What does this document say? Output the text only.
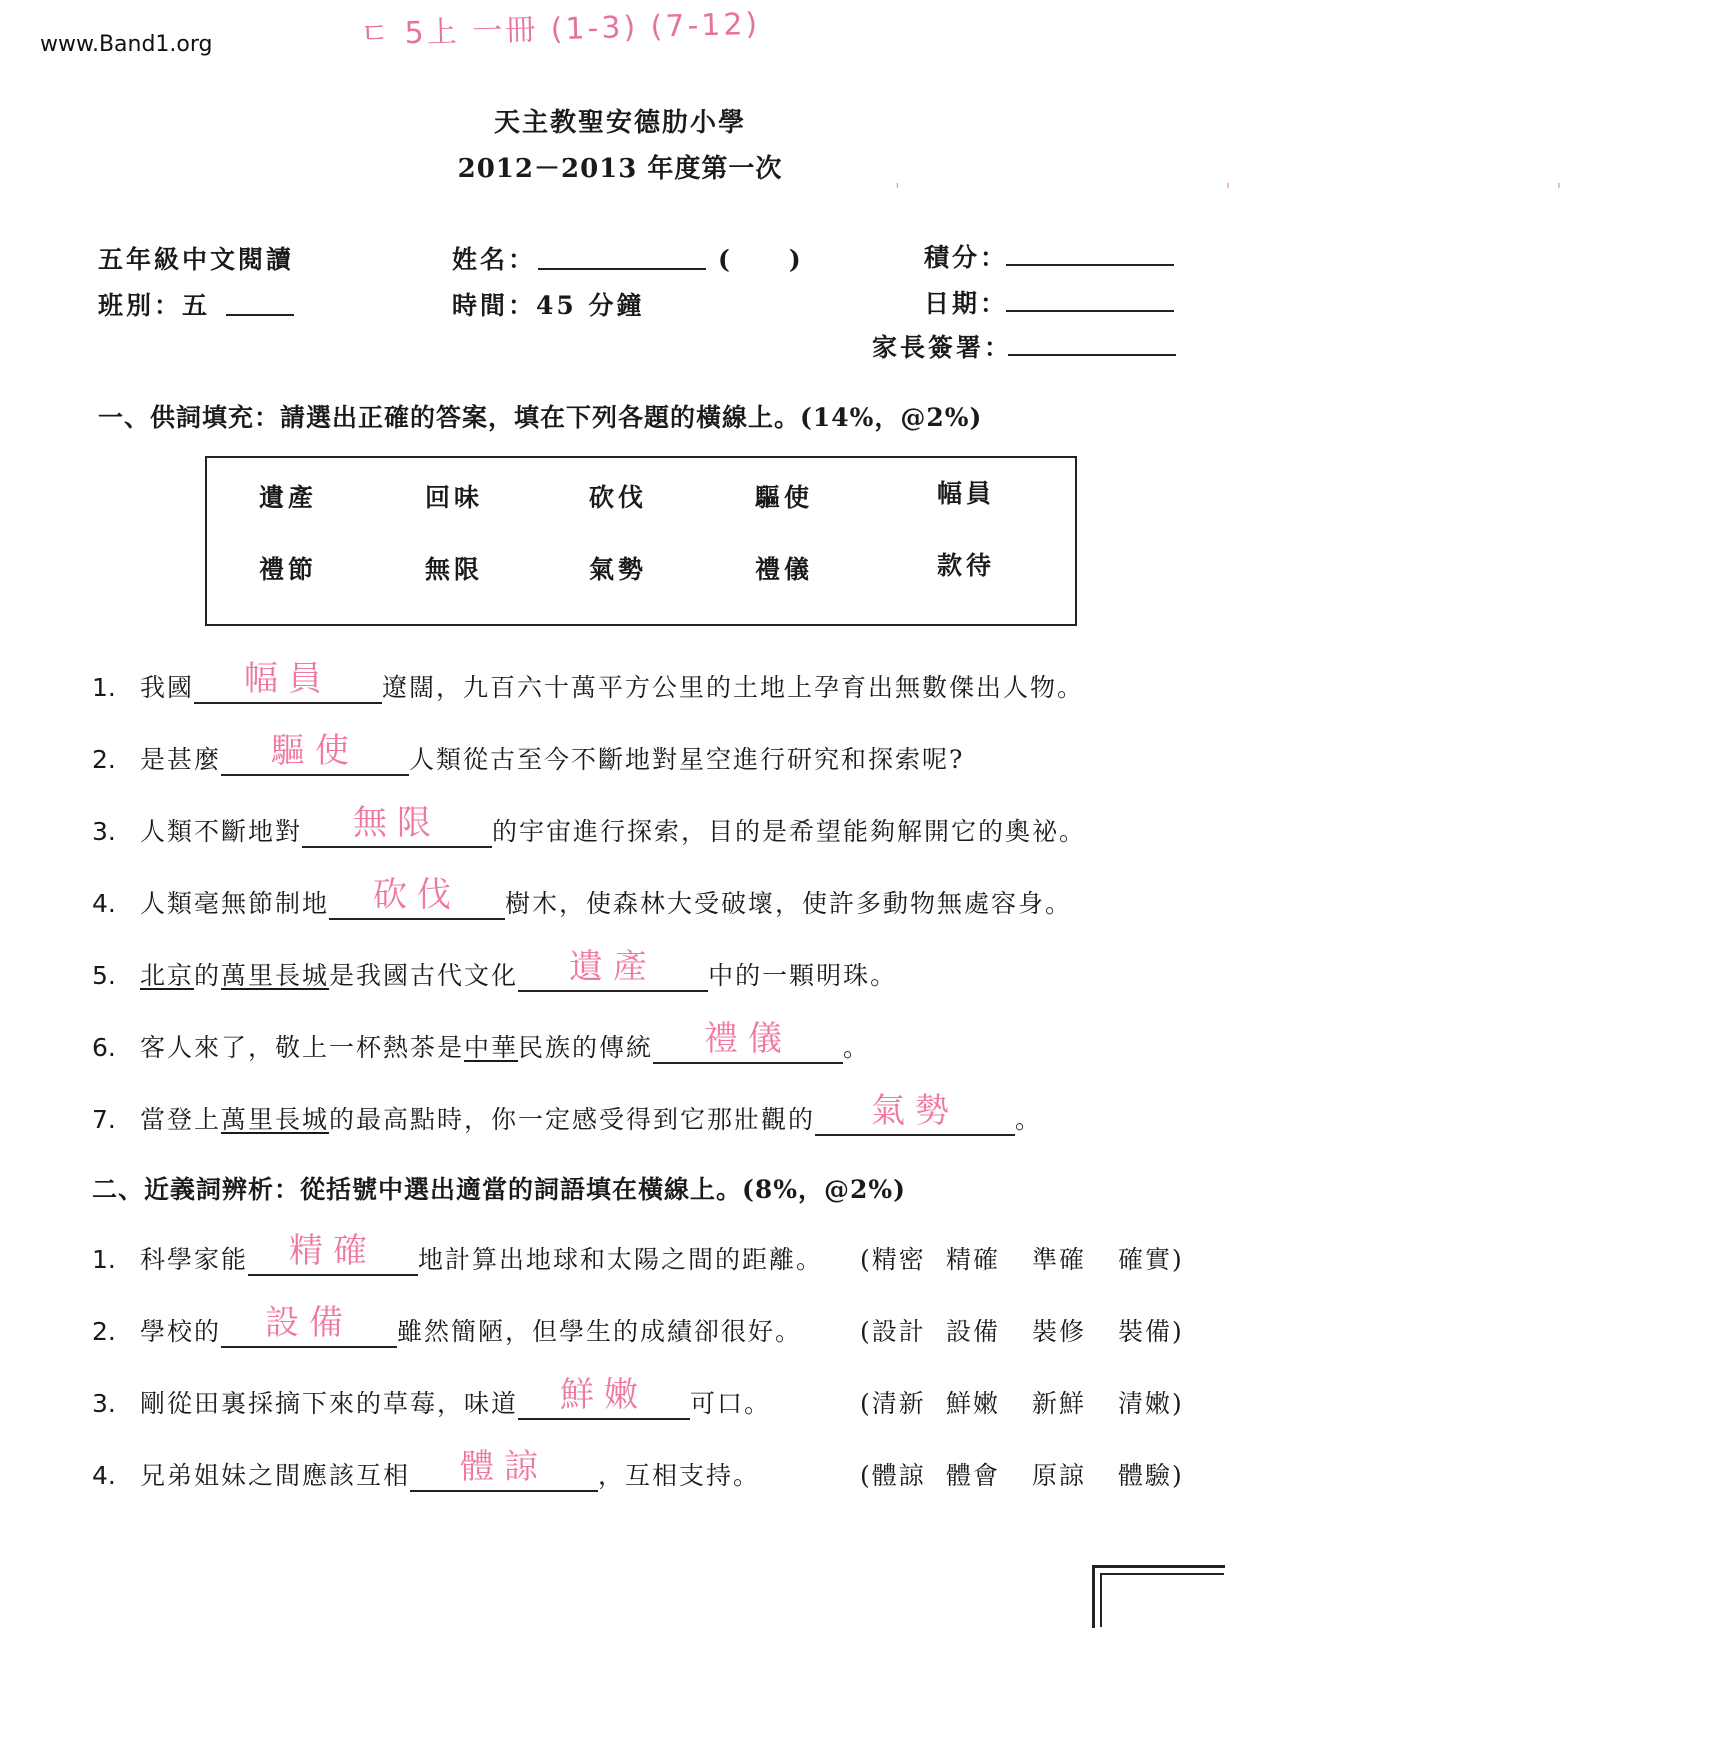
www.Band1.org	ㄷ 5上 一冊 (1-3) (7-12)
' ' '
天主教聖安德肋小學
2012－2013 年度第一次
五年級中文閱讀	姓名：	(　　)	積分：
班別：五	時間：45 分鐘	日期：
家長簽署：
一、供詞填充：請選出正確的答案，填在下列各題的橫線上。(14%，@2%)
遺產	回味	砍伐	驅使	幅員
禮節	無限	氣勢	禮儀	款待
1. 我國	幅員	遼闊，九百六十萬平方公里的土地上孕育出無數傑出人物。
2. 是甚麼	驅使	人類從古至今不斷地對星空進行研究和探索呢?
3. 人類不斷地對	無限	的宇宙進行探索，目的是希望能夠解開它的奧祕。
4. 人類毫無節制地	砍伐	樹木，使森林大受破壞，使許多動物無處容身。
5. 北京的萬里長城是我國古代文化	遺產	中的一顆明珠。
6. 客人來了，敬上一杯熱茶是中華民族的傳統	禮儀	。
7. 當登上萬里長城的最高點時，你一定感受得到它那壯觀的	氣勢	。
二、近義詞辨析：從括號中選出適當的詞語填在橫線上。(8%，@2%)
1. 科學家能	精確	地計算出地球和太陽之間的距離。 (精密 精確 準確 確實)
2. 學校的	設備	雖然簡陋，但學生的成績卻很好。 (設計 設備 裝修 裝備)
3. 剛從田裏採摘下來的草莓，味道	鮮嫩	可口。	(清新 鮮嫩 新鮮 清嫩)
4. 兄弟姐妹之間應該互相	體諒	，互相支持。	(體諒 體會 原諒 體驗)
